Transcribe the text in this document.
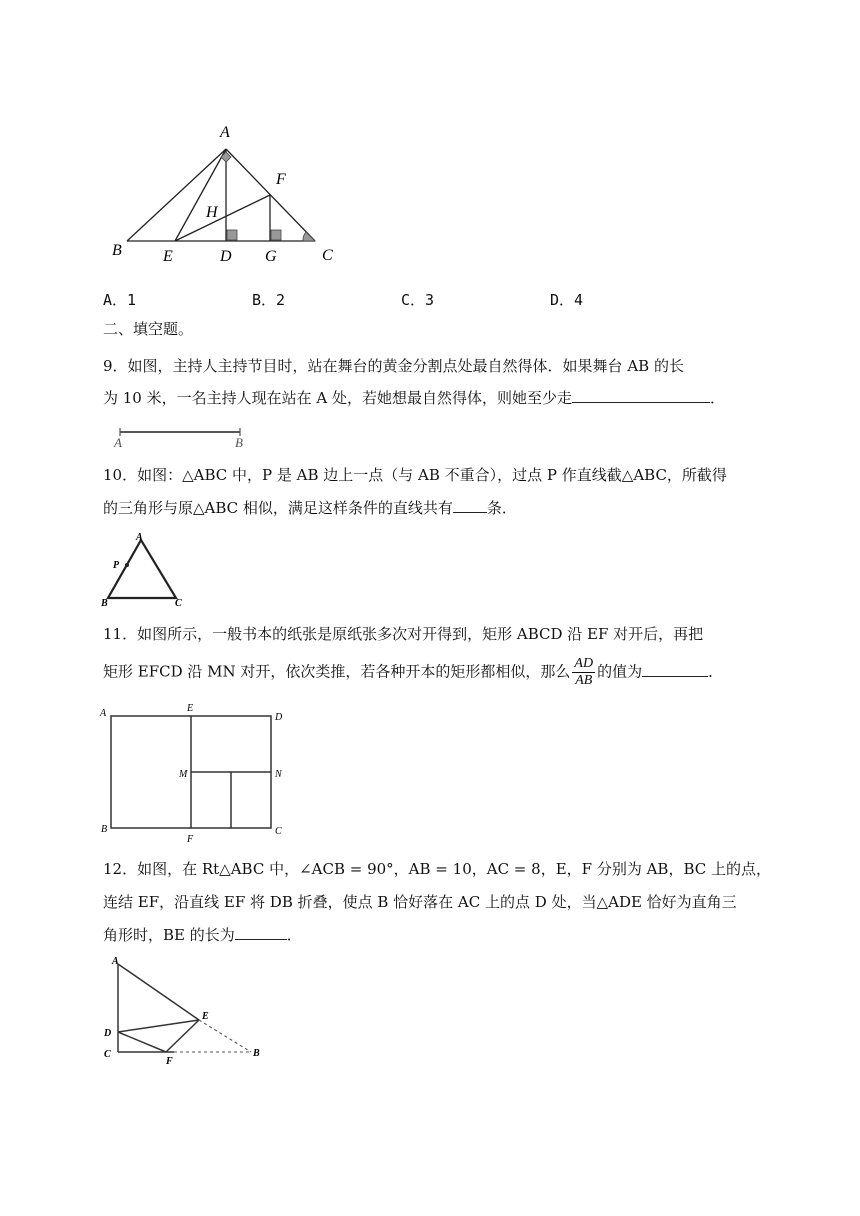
A
B	C
D
E
F
G
H
A．1	B．2	C．3	D．4
二、填空题。
9．如图，主持人主持节目时，站在舞台的黄金分割点处最自然得体．如果舞台 AB 的长
为 10 米，一名主持人现在站在 A 处，若她想最自然得体，则她至少走	．
A	B
10．如图：△ABC 中，P 是 AB 边上一点（与 AB 不重合），过点 P 作直线截△ABC，所截得
的三角形与原△ABC 相似，满足这样条件的直线共有 条．
A
P
B	C
11．如图所示，一般书本的纸张是原纸张多次对开得到，矩形 ABCD 沿 EF 对开后，再把
矩形 EFCD 沿 MN 对开，依次类推，若各种开本的矩形都相似，那么 $\frac{AD}{AB}$ 的值为	．
A	E
D
M	N
B
F
C
12．如图，在 Rt△ABC 中，∠ACB = 90°，AB = 10，AC = 8，E，F 分别为 AB，BC 上的点，
连结 EF，沿直线 EF 将 DB 折叠，使点 B 恰好落在 AC 上的点 D 处，当△ADE 恰好为直角三
角形时，BE 的长为	．
A
D
C
F
E
B
